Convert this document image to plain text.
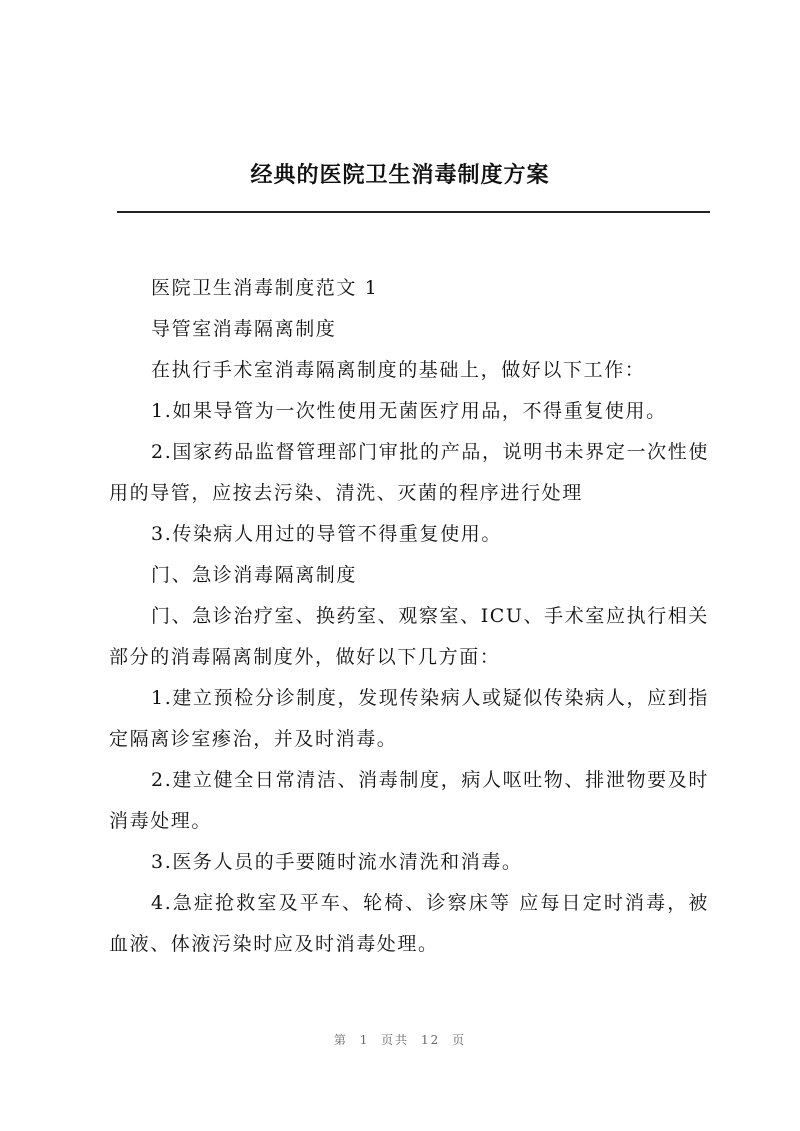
经典的医院卫生消毒制度方案

医院卫生消毒制度范文 1

导管室消毒隔离制度

在执行手术室消毒隔离制度的基础上，做好以下工作：

1.如果导管为一次性使用无菌医疗用品，不得重复使用。

2.国家药品监督管理部门审批的产品，说明书未界定一次性使用的导管，应按去污染、清洗、灭菌的程序进行处理

3.传染病人用过的导管不得重复使用。

门、急诊消毒隔离制度

门、急诊治疗室、换药室、观察室、ICU、手术室应执行相关部分的消毒隔离制度外，做好以下几方面：

1.建立预检分诊制度，发现传染病人或疑似传染病人，应到指定隔离诊室瘆治，并及时消毒。

2.建立健全日常清洁、消毒制度，病人呕吐物、排泄物要及时消毒处理。

3.医务人员的手要随时流水清洗和消毒。

4.急症抢救室及平车、轮椅、诊察床等 应每日定时消毒，被血液、体液污染时应及时消毒处理。

第 1 页共 12 页
